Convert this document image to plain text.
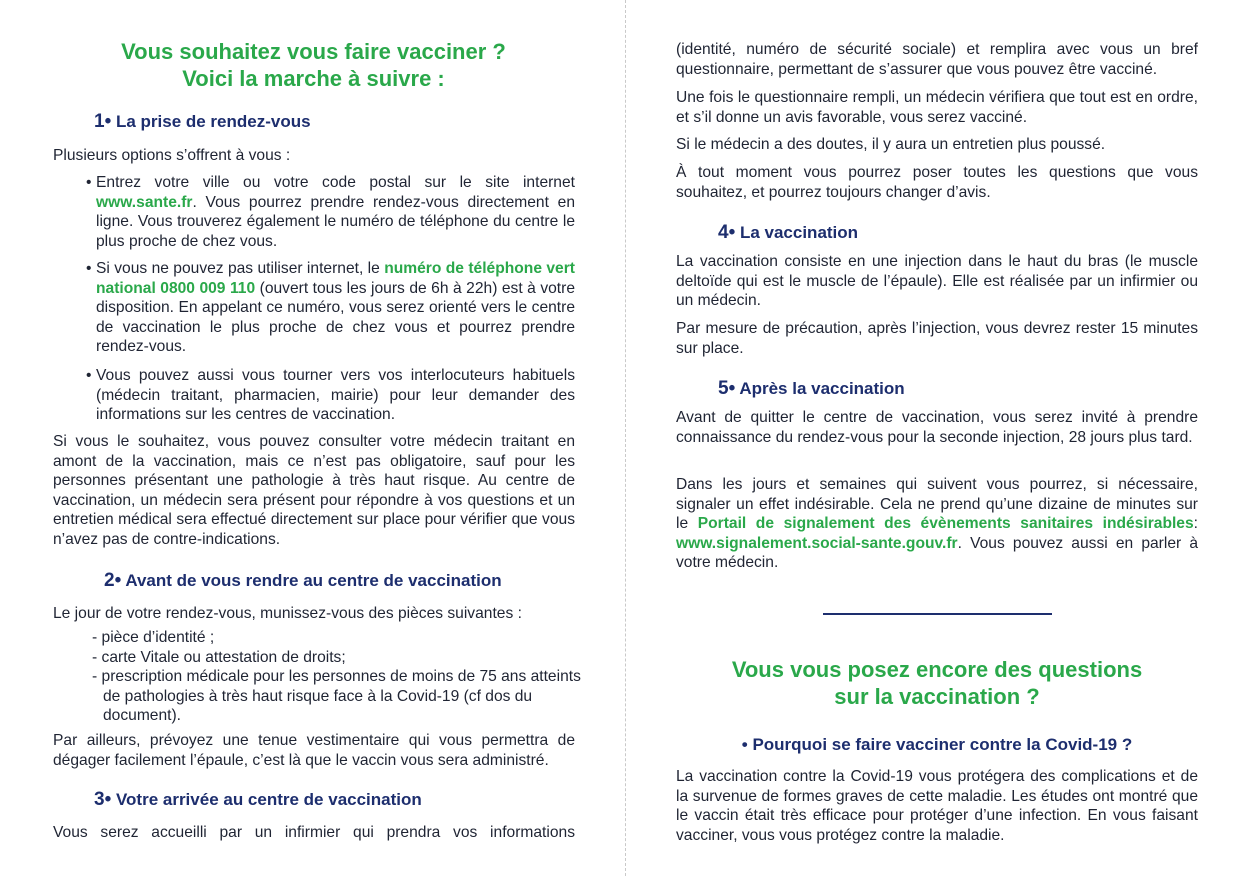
Vous souhaitez vous faire vacciner ?
Voici la marche à suivre :
1• La prise de rendez-vous

Plusieurs options s’offrent à vous :

• Entrez votre ville ou votre code postal sur le site internet www.sante.fr. Vous pourrez prendre rendez-vous directement en ligne. Vous trouverez également le numéro de téléphone du centre le plus proche de chez vous.
• Si vous ne pouvez pas utiliser internet, le numéro de téléphone vert national 0800 009 110 (ouvert tous les jours de 6h à 22h) est à votre disposition. En appelant ce numéro, vous serez orienté vers le centre de vaccination le plus proche de chez vous et pourrez prendre rendez-vous.
• Vous pouvez aussi vous tourner vers vos interlocuteurs habituels (médecin traitant, pharmacien, mairie) pour leur demander des informations sur les centres de vaccination.

Si vous le souhaitez, vous pouvez consulter votre médecin traitant en amont de la vaccination, mais ce n’est pas obligatoire, sauf pour les personnes présentant une pathologie à très haut risque. Au centre de vaccination, un médecin sera présent pour répondre à vos questions et un entretien médical sera effectué directement sur place pour vérifier que vous n’avez pas de contre-indications.

2• Avant de vous rendre au centre de vaccination

Le jour de votre rendez-vous, munissez-vous des pièces suivantes :

- pièce d’identité ;
- carte Vitale ou attestation de droits;
- prescription médicale pour les personnes de moins de 75 ans atteints de pathologies à très haut risque face à la Covid-19 (cf dos du document).

Par ailleurs, prévoyez une tenue vestimentaire qui vous permettra de dégager facilement l’épaule, c’est là que le vaccin vous sera administré.

3• Votre arrivée au centre de vaccination

Vous serez accueilli par un infirmier qui prendra vos informations

(identité, numéro de sécurité sociale) et remplira avec vous un bref questionnaire, permettant de s’assurer que vous pouvez être vacciné.

Une fois le questionnaire rempli, un médecin vérifiera que tout est en ordre, et s’il donne un avis favorable, vous serez vacciné.

Si le médecin a des doutes, il y aura un entretien plus poussé.

À tout moment vous pourrez poser toutes les questions que vous souhaitez, et pourrez toujours changer d’avis.

4• La vaccination

La vaccination consiste en une injection dans le haut du bras (le muscle deltoïde qui est le muscle de l’épaule). Elle est réalisée par un infirmier ou un médecin.

Par mesure de précaution, après l’injection, vous devrez rester 15 minutes sur place.

5• Après la vaccination

Avant de quitter le centre de vaccination, vous serez invité à prendre connaissance du rendez-vous pour la seconde injection, 28 jours plus tard.

Dans les jours et semaines qui suivent vous pourrez, si nécessaire, signaler un effet indésirable. Cela ne prend qu’une dizaine de minutes sur le Portail de signalement des évènements sanitaires indésirables: www.signalement.social-sante.gouv.fr. Vous pouvez aussi en parler à votre médecin.

Vous vous posez encore des questions
sur la vaccination ?
• Pourquoi se faire vacciner contre la Covid-19 ?

La vaccination contre la Covid-19 vous protégera des complications et de la survenue de formes graves de cette maladie. Les études ont montré que le vaccin était très efficace pour protéger d’une infection. En vous faisant vacciner, vous vous protégez contre la maladie.
